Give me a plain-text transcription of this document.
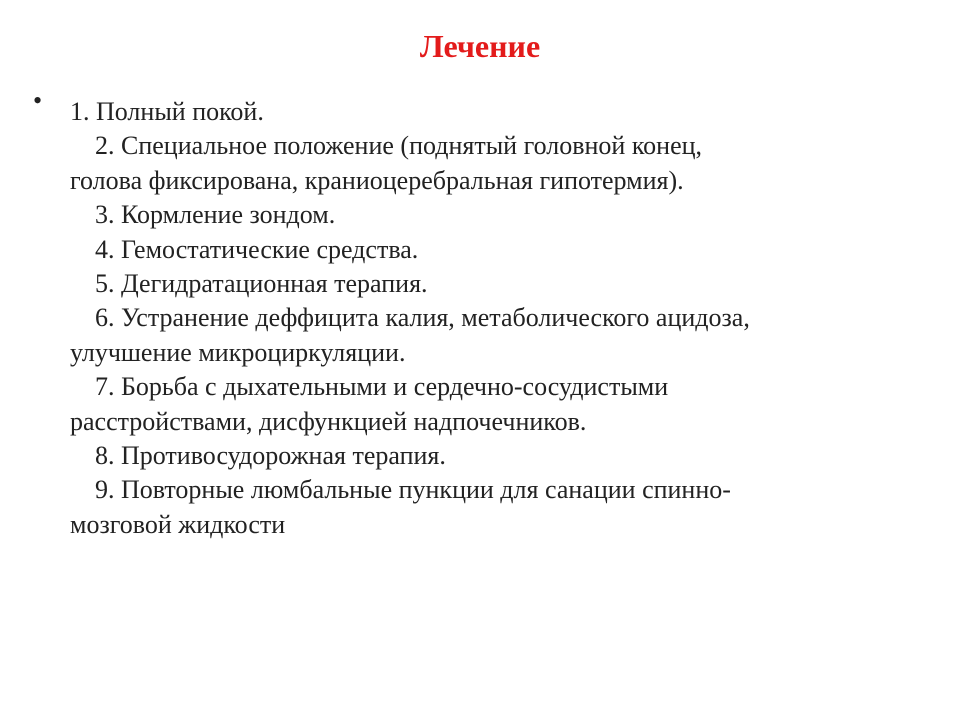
Лечение
• 1. Полный покой.
2. Специальное положение (поднятый головной конец,
голова фиксирована, краниоцеребральная гипотермия).
3. Кормление зондом.
4. Гемостатические средства.
5. Дегидратационная терапия.
6. Устранение деффицита калия, метаболического ацидоза,
улучшение микроциркуляции.
7. Борьба с дыхательными и сердечно-сосудистыми
расстройствами, дисфункцией надпочечников.
8. Противосудорожная терапия.
9. Повторные люмбальные пункции для санации спинно-
мозговой жидкости
